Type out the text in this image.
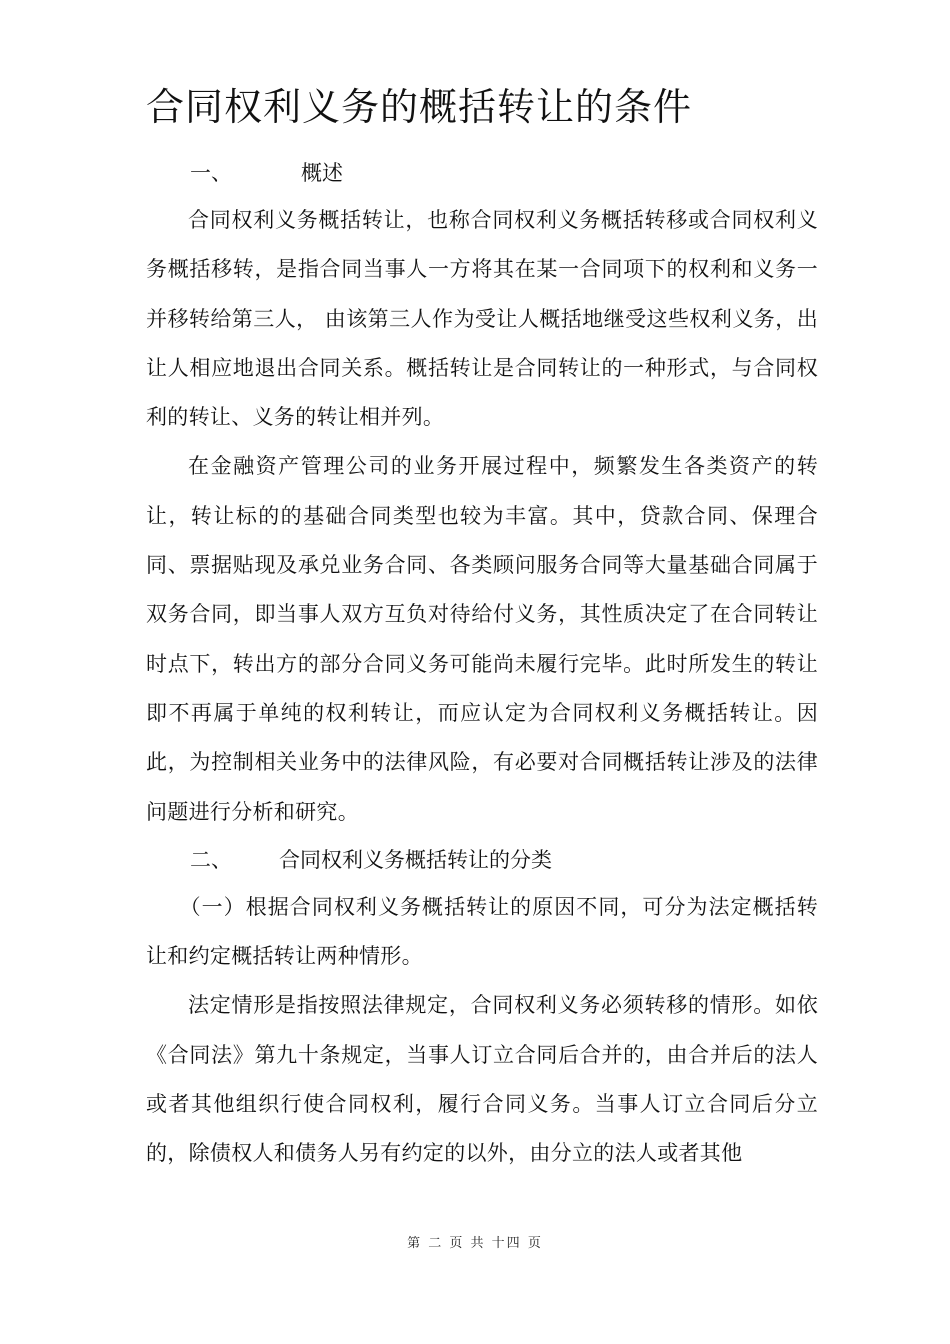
合同权利义务的概括转让的条件
一、	概述

合同权利义务概括转让，也称合同权利义务概括转移或合同权利义务概括移转，是指合同当事人一方将其在某一合同项下的权利和义务一并移转给第三人， 由该第三人作为受让人概括地继受这些权利义务，出让人相应地退出合同关系。概括转让是合同转让的一种形式，与合同权利的转让、义务的转让相并列。

在金融资产管理公司的业务开展过程中，频繁发生各类资产的转让，转让标的的基础合同类型也较为丰富。其中，贷款合同、保理合同、票据贴现及承兑业务合同、各类顾问服务合同等大量基础合同属于双务合同，即当事人双方互负对待给付义务，其性质决定了在合同转让时点下，转出方的部分合同义务可能尚未履行完毕。此时所发生的转让即不再属于单纯的权利转让，而应认定为合同权利义务概括转让。因此，为控制相关业务中的法律风险，有必要对合同概括转让涉及的法律问题进行分析和研究。

二、 合同权利义务概括转让的分类

（一）根据合同权利义务概括转让的原因不同，可分为法定概括转让和约定概括转让两种情形。

法定情形是指按照法律规定，合同权利义务必须转移的情形。如依《合同法》第九十条规定，当事人订立合同后合并的，由合并后的法人或者其他组织行使合同权利，履行合同义务。当事人订立合同后分立的，除债权人和债务人另有约定的以外，由分立的法人或者其他

第 二 页 共 十四 页
